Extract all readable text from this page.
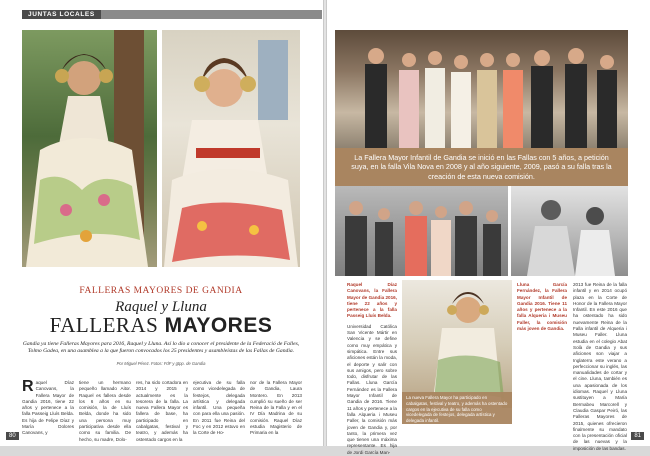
JUNTAS LOCALES
FALLERAS MAYORES DE GANDIA
Raquel y Lluna
FALLERAS MAYORES
Gandia ya tiene Falleras Mayores para 2016, Raquel y Lluna. Así lo dio a conocer el presidente de la Federació de Falles, Tolmo Gadea, en una asamblea a la que fueron convocados los 25 presidentes y asambleístas de las Fallas de Gandia.
Por Miguel Pérez. Fotos: FdF y gtpp. de Gandia
R aquel Díaz Canovans, la Fallera Mayor de Gandia 2016, tiene 22 años y pertenece a la falla Passeig Lluís Belda. Es hija de Felipe Díaz y María Dolores Canovans, y
tiene un hermano pequeño llamado Aitor. Raquel es fallera desde los 6 años en su comisión, la de Lluís Belda, donde ha sido una persona muy participativa desde ella como su familia. De hecho, su madre, Dolo-
res, ha sido cortadora en 2014 y 2015 y actualmente es la tesorera de la falla. La nueva Fallera Mayor es fallera de base, ha participado en cabalgatas, festival y teatro, y además ha ostentado cargos en la
ejecutiva de su falla como vicedelegada de festejos, delegada artística y delegada infantil. Una pequeña con para ella una pasión. En 2011 fue Reina del Foc y en 2012 estuvo en la Corte de Ho-
nor de la Fallera Mayor de Gandia, Laura Montero. En 2013 cumplió su sueño de ser Reina de la Falla y en el IV Día Madrina de su comisión. Raquel Díaz estudia Magisterio de Primaria en la
80
La Fallera Mayor Infantil de Gandia se inició en las Fallas con 5 años, a petición suya, en la falla Vila Nova en 2008 y al año siguiente, 2009, pasó a su falla tras la creación de esta nueva comisión.

Raquel Díaz Canovans, la Fallera Mayor de Gandia 2016, tiene 22 años y pertenece a la falla Passeig Lluís Belda.

Universidad Católica San Vicente Mártir en Valencia y se define como muy empática y simpática. Entre sus aficiones están la moda, el deporte y salir con sus amigos, pero sobre todo, disfrutar de las Fallas. Lluna García Fernández es la Fallera Mayor Infantil de Gandia de 2016. Tiene 11 años y pertenece a la falla Alqueria i Museu Faller, la comisión más joven de Gandia y, por tanto, la primera vez que tienen una máxima representante. Es hija de Jordi García Man-

La nueva Fallera Mayor ha participado en cabalgatas, festival y teatro, y además ha ostentado cargos en la ejecutiva de su falla como vicedelegada de festejos, delegada artística y delegada infantil.

Lluna García Fernández, la Fallera Mayor Infantil de Gandia 2016. Tiene 11 años y pertenece a la falla Alqueria i Museu Faller, la comisión más joven de Gandia.

2013 fue Reina de la falla infantil y en 2014 ocupó plaza en la Corte de Honor de la Fallera Mayor Infantil. En este 2016 que ha ostentado ha sido nuevamente Reina de la Falla infantil de Alqueria i Museu Faller. Lluna estudia en el colegio Abat Solà de Gandia y sus aficiones son viajar a Inglaterra este verano a perfeccionar su inglés, las manualidades de cortar y el cine. Lluna, también es una apasionada de los idiomas. Raquel y Lluna sustituyen a María Bermabeu Marcorell y Claudia Gaspar Peiró, las Falleras Mayores de 2015, quienes ofrecieron finalmente su mandato con la presentación oficial de las nuevas y la imposición de las bandas.
81
